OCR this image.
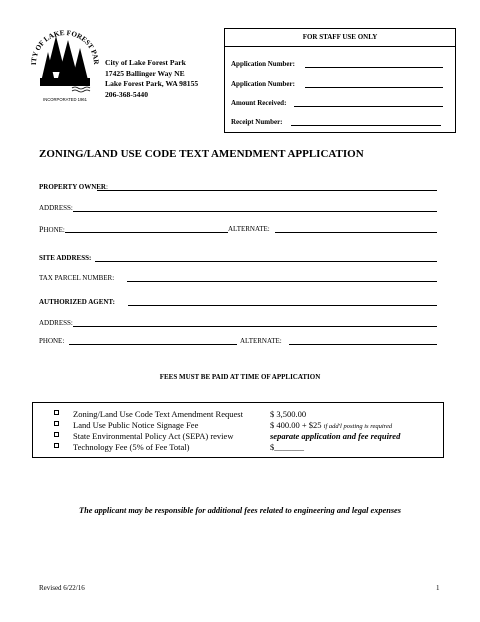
ITY OF LAKE FOREST PAR
INCORPORATED 1961
City of Lake Forest Park
17425 Ballinger Way NE
Lake Forest Park, WA 98155
206-368-5440
FOR STAFF USE ONLY
Application Number:
Application Number:
Amount Received:
Receipt Number:
ZONING/LAND USE CODE TEXT AMENDMENT APPLICATION
PROPERTY OWNER:
ADDRESS:
PHONE:	ALTERNATE:
SITE ADDRESS:
TAX PARCEL NUMBER:
AUTHORIZED AGENT:
ADDRESS:
PHONE:	ALTERNATE:
FEES MUST BE PAID AT TIME OF APPLICATION
Zoning/Land Use Code Text Amendment Request	$ 3,500.00
Land Use Public Notice Signage Fee	$ 400.00 + $25 if add'l posting is required
State Environmental Policy Act (SEPA) review	separate application and fee required
Technology Fee (5% of Fee Total)	$_______
The applicant may be responsible for additional fees related to engineering and legal expenses
Revised 6/22/16	1
